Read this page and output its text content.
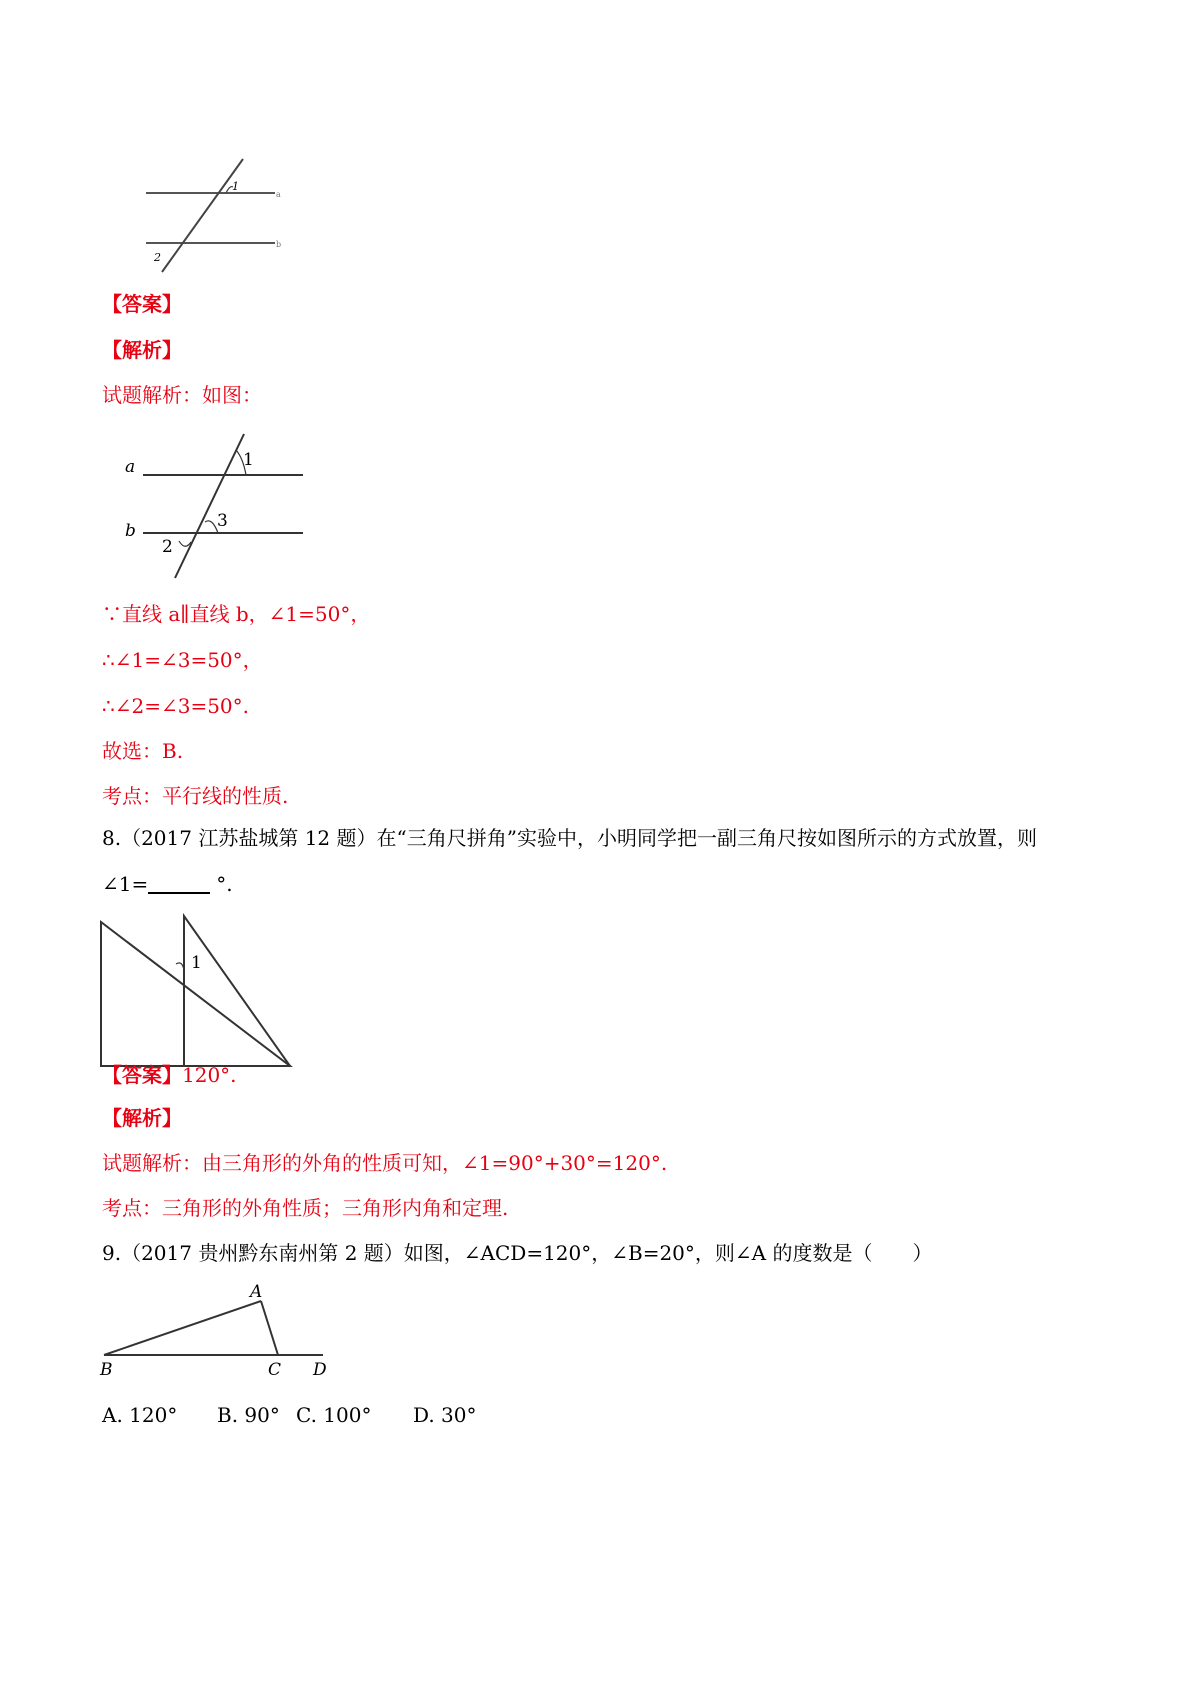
1
2
a
b
【答案】
【解析】
试题解析：如图：
a
b
1
3
2
∵直线 a∥直线 b，∠1=50°，
∴∠1=∠3=50°，
∴∠2=∠3=50°.
故选：B.
考点：平行线的性质.
8.（2017 江苏盐城第 12 题）在“三角尺拼角”实验中，小明同学把一副三角尺按如图所示的方式放置，则
∠1=	°.
1
【答案】120°.
【解析】
试题解析：由三角形的外角的性质可知，∠1=90°+30°=120°.
考点：三角形的外角性质；三角形内角和定理.
9.（2017 贵州黔东南州第 2 题）如图，∠ACD=120°，∠B=20°，则∠A 的度数是（　　）
A
B	C D
A. 120° B. 90° C. 100° D. 30°
